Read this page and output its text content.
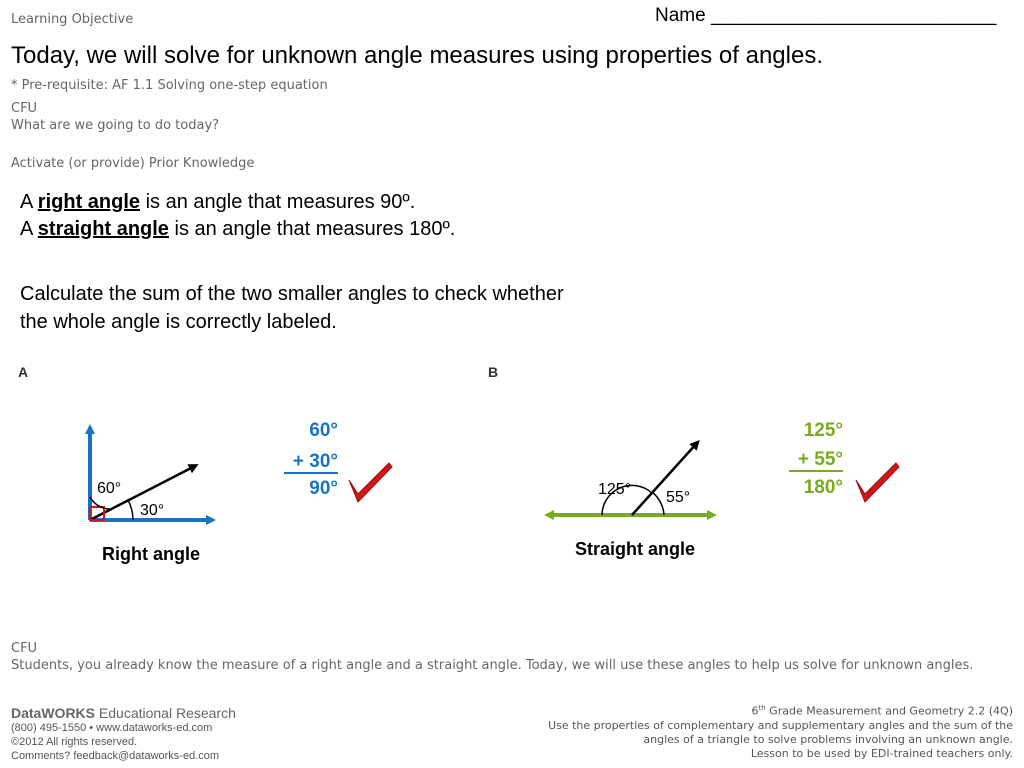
Learning Objective	Name ___________________________
Today, we will solve for unknown angle measures using properties of angles.
* Pre-requisite: AF 1.1 Solving one-step equation
CFU
What are we going to do today?
Activate (or provide) Prior Knowledge
A right angle is an angle that measures 90º.
A straight angle is an angle that measures 180º.
Calculate the sum of the two smaller angles to check whether the whole angle is correctly labeled.
A	B
60°
30°
Right angle
60°
+ 30°
90°	125° 55°
Straight angle
125°
+ 55°
180°
CFU
Students, you already know the measure of a right angle and a straight angle. Today, we will use these angles to help us solve for unknown angles.
DataWORKS Educational Research
(800) 495-1550 • www.dataworks-ed.com
©2012 All rights reserved.
Comments? feedback@dataworks-ed.com
6th Grade Measurement and Geometry 2.2 (4Q)
Use the properties of complementary and supplementary angles and the sum of the angles of a triangle to solve problems involving an unknown angle.
Lesson to be used by EDI-trained teachers only.
